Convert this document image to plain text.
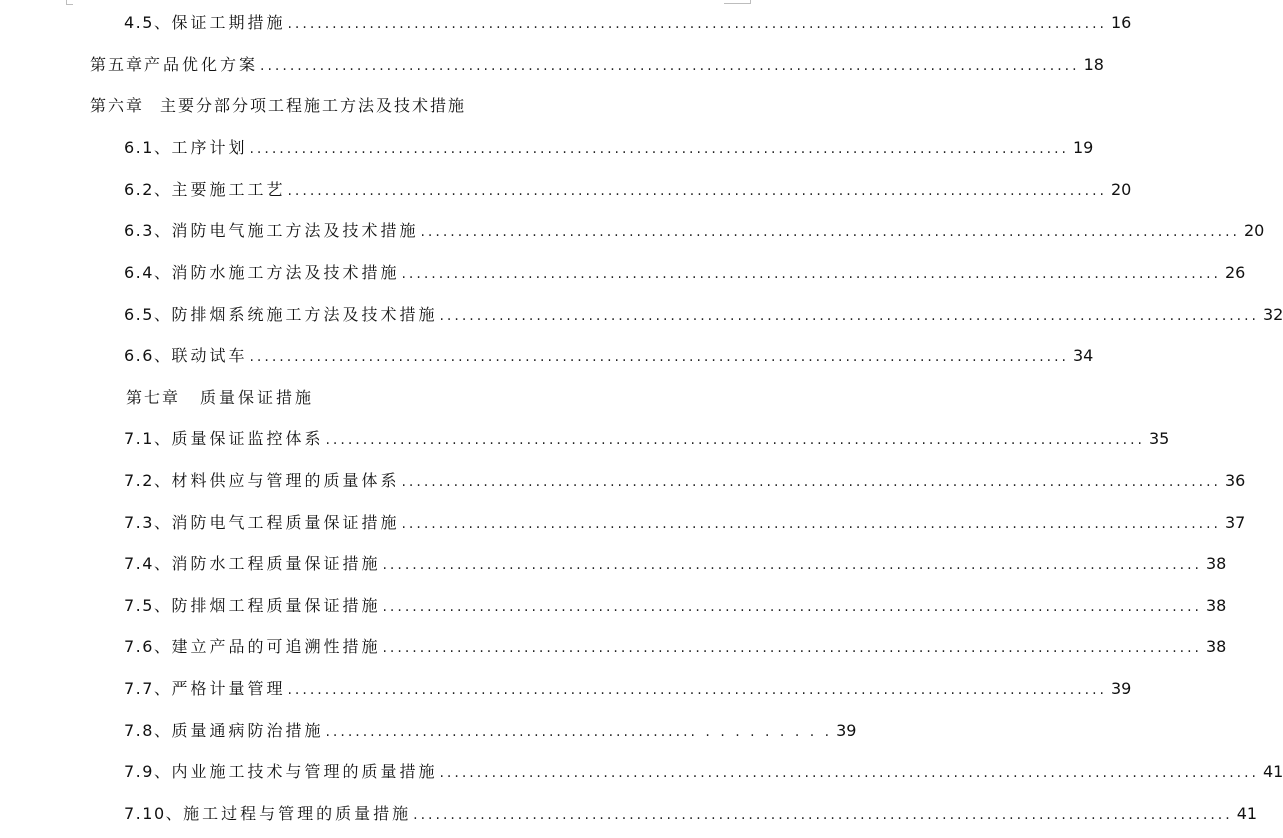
4.5、 保证工期措施 .............................................................................................................. 16
第五章 产品优化方案 .............................................................................................................. 18
第六章 主要分部分项工程施工方法及技术措施
6.1、 工序计划 .............................................................................................................. 19
6.2、 主要施工工艺 .............................................................................................................. 20
6.3、 消防电气施工方法及技术措施 .............................................................................................................. 20
6.4、 消防水施工方法及技术措施 .............................................................................................................. 26
6.5、 防排烟系统施工方法及技术措施 .............................................................................................................. 32
6.6、 联动试车 .............................................................................................................. 34
第七章 质量保证措施
7.1、 质量保证监控体系 .............................................................................................................. 35
7.2、 材料供应与管理的质量体系 .............................................................................................................. 36
7.3、 消防电气工程质量保证措施 .............................................................................................................. 37
7.4、 消防水工程质量保证措施 .............................................................................................................. 38
7.5、 防排烟工程质量保证措施 .............................................................................................................. 38
7.6、 建立产品的可追溯性措施 .............................................................................................................. 38
7.7、 严格计量管理 .............................................................................................................. 39
7.8、 质量通病防治措施 .................................................. . . . . . . . . . 39
7.9、 内业施工技术与管理的质量措施 .............................................................................................................. 41
7.10、 施工过程与管理的质量措施 .............................................................................................................. 41
